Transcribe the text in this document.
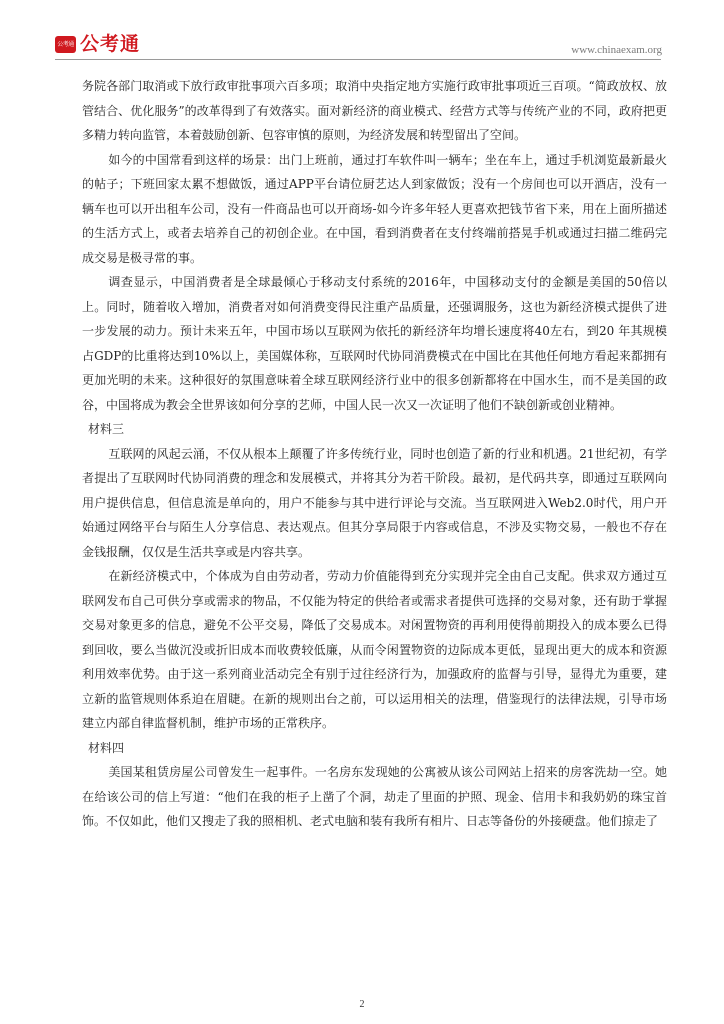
公考通 公考通	www.chinaexam.org

务院各部门取消或下放行政审批事项六百多项；取消中央指定地方实施行政审批事项近三百项。“简政放权、放管结合、优化服务”的改革得到了有效落实。面对新经济的商业模式、经营方式等与传统产业的不同，政府把更多精力转向监管，本着鼓励创新、包容审慎的原则，为经济发展和转型留出了空间。

如今的中国常看到这样的场景：出门上班前，通过打车软件叫一辆车；坐在车上，通过手机浏览最新最火的帖子；下班回家太累不想做饭，通过APP平台请位厨艺达人到家做饭；没有一个房间也可以开酒店，没有一辆车也可以开出租车公司，没有一件商品也可以开商场-如今许多年轻人更喜欢把钱节省下来，用在上面所描述的生活方式上，或者去培养自己的初创企业。在中国，看到消费者在支付终端前搭晃手机或通过扫描二维码完成交易是极寻常的事。

调查显示，中国消费者是全球最倾心于移动支付系统的2016年，中国移动支付的金额是美国的50倍以上。同时，随着收入增加，消费者对如何消费变得民注重产品质量，还强调服务，这也为新经济模式提供了进一步发展的动力。预计未来五年，中国市场以互联网为依托的新经济年均增长速度将40左右，到20 年其规模占GDP的比重将达到10%以上，美国媒体称，互联网时代协同消费模式在中国比在其他任何地方看起来都拥有更加光明的未来。这种很好的氛围意味着全球互联网经济行业中的很多创新都将在中国水生，而不是美国的政谷，中国将成为教会全世界该如何分享的艺师，中国人民一次又一次证明了他们不缺创新或创业精神。

材料三

互联网的风起云涌，不仅从根本上颠覆了许多传统行业，同时也创造了新的行业和机遇。21世纪初，有学者提出了互联网时代协同消费的理念和发展模式，并将其分为若干阶段。最初，是代码共享，即通过互联网向用户提供信息，但信息流是单向的，用户不能参与其中进行评论与交流。当互联网进入Web2.0时代，用户开始通过网络平台与陌生人分享信息、表达观点。但其分享局限于内容或信息，不涉及实物交易，一般也不存在金钱报酬，仅仅是生活共享或是内容共享。

在新经济模式中，个体成为自由劳动者，劳动力价值能得到充分实现并完全由自己支配。供求双方通过互联网发布自己可供分享或需求的物品，不仅能为特定的供给者或需求者提供可选择的交易对象，还有助于掌握交易对象更多的信息，避免不公平交易，降低了交易成本。对闲置物资的再利用使得前期投入的成本要么已得到回收，要么当做沉没或折旧成本而收费较低廉，从而令闲置物资的边际成本更低，显现出更大的成本和资源利用效率优势。由于这一系列商业活动完全有别于过往经济行为，加强政府的监督与引导，显得尤为重要，建立新的监管规则体系迫在眉睫。在新的规则出台之前，可以运用相关的法理，借鉴现行的法律法规，引导市场建立内部自律监督机制，维护市场的正常秩序。

材料四

美国某租赁房屋公司曾发生一起事件。一名房东发现她的公寓被从该公司网站上招来的房客洗劫一空。她在给该公司的信上写道：“他们在我的柜子上凿了个洞，劫走了里面的护照、现金、信用卡和我奶奶的珠宝首饰。不仅如此，他们又搜走了我的照相机、老式电脑和装有我所有相片、日志等备份的外接硬盘。他们掠走了

2
